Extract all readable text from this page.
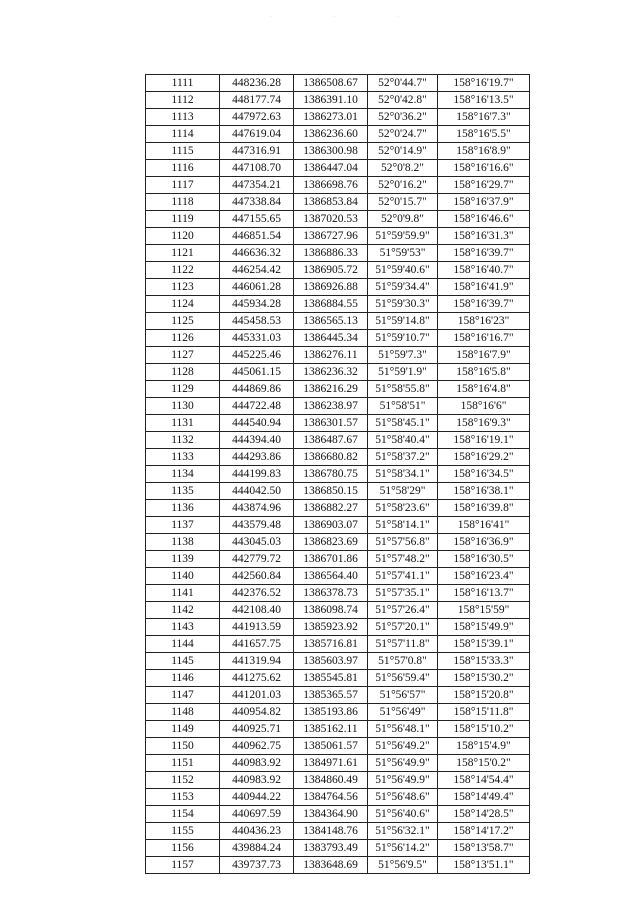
· · ·
1111	448236.28	1386508.67	52°0'44.7"	158°16'19.7"
1112	448177.74	1386391.10	52°0'42.8"	158°16'13.5"
1113	447972.63	1386273.01	52°0'36.2"	158°16'7.3"
1114	447619.04	1386236.60	52°0'24.7"	158°16'5.5"
1115	447316.91	1386300.98	52°0'14.9"	158°16'8.9"
1116	447108.70	1386447.04	52°0'8.2"	158°16'16.6"
1117	447354.21	1386698.76	52°0'16.2"	158°16'29.7"
1118	447338.84	1386853.84	52°0'15.7"	158°16'37.9"
1119	447155.65	1387020.53	52°0'9.8"	158°16'46.6"
1120	446851.54	1386727.96	51°59'59.9"	158°16'31.3"
1121	446636.32	1386886.33	51°59'53"	158°16'39.7"
1122	446254.42	1386905.72	51°59'40.6"	158°16'40.7"
1123	446061.28	1386926.88	51°59'34.4"	158°16'41.9"
1124	445934.28	1386884.55	51°59'30.3"	158°16'39.7"
1125	445458.53	1386565.13	51°59'14.8"	158°16'23"
1126	445331.03	1386445.34	51°59'10.7"	158°16'16.7"
1127	445225.46	1386276.11	51°59'7.3"	158°16'7.9"
1128	445061.15	1386236.32	51°59'1.9"	158°16'5.8"
1129	444869.86	1386216.29	51°58'55.8"	158°16'4.8"
1130	444722.48	1386238.97	51°58'51"	158°16'6"
1131	444540.94	1386301.57	51°58'45.1"	158°16'9.3"
1132	444394.40	1386487.67	51°58'40.4"	158°16'19.1"
1133	444293.86	1386680.82	51°58'37.2"	158°16'29.2"
1134	444199.83	1386780.75	51°58'34.1"	158°16'34.5"
1135	444042.50	1386850.15	51°58'29"	158°16'38.1"
1136	443874.96	1386882.27	51°58'23.6"	158°16'39.8"
1137	443579.48	1386903.07	51°58'14.1"	158°16'41"
1138	443045.03	1386823.69	51°57'56.8"	158°16'36.9"
1139	442779.72	1386701.86	51°57'48.2"	158°16'30.5"
1140	442560.84	1386564.40	51°57'41.1"	158°16'23.4"
1141	442376.52	1386378.73	51°57'35.1"	158°16'13.7"
1142	442108.40	1386098.74	51°57'26.4"	158°15'59"
1143	441913.59	1385923.92	51°57'20.1"	158°15'49.9"
1144	441657.75	1385716.81	51°57'11.8"	158°15'39.1"
1145	441319.94	1385603.97	51°57'0.8"	158°15'33.3"
1146	441275.62	1385545.81	51°56'59.4"	158°15'30.2"
1147	441201.03	1385365.57	51°56'57"	158°15'20.8"
1148	440954.82	1385193.86	51°56'49"	158°15'11.8"
1149	440925.71	1385162.11	51°56'48.1"	158°15'10.2"
1150	440962.75	1385061.57	51°56'49.2"	158°15'4.9"
1151	440983.92	1384971.61	51°56'49.9"	158°15'0.2"
1152	440983.92	1384860.49	51°56'49.9"	158°14'54.4"
1153	440944.22	1384764.56	51°56'48.6"	158°14'49.4"
1154	440697.59	1384364.90	51°56'40.6"	158°14'28.5"
1155	440436.23	1384148.76	51°56'32.1"	158°14'17.2"
1156	439884.24	1383793.49	51°56'14.2"	158°13'58.7"
1157	439737.73	1383648.69	51°56'9.5"	158°13'51.1"
